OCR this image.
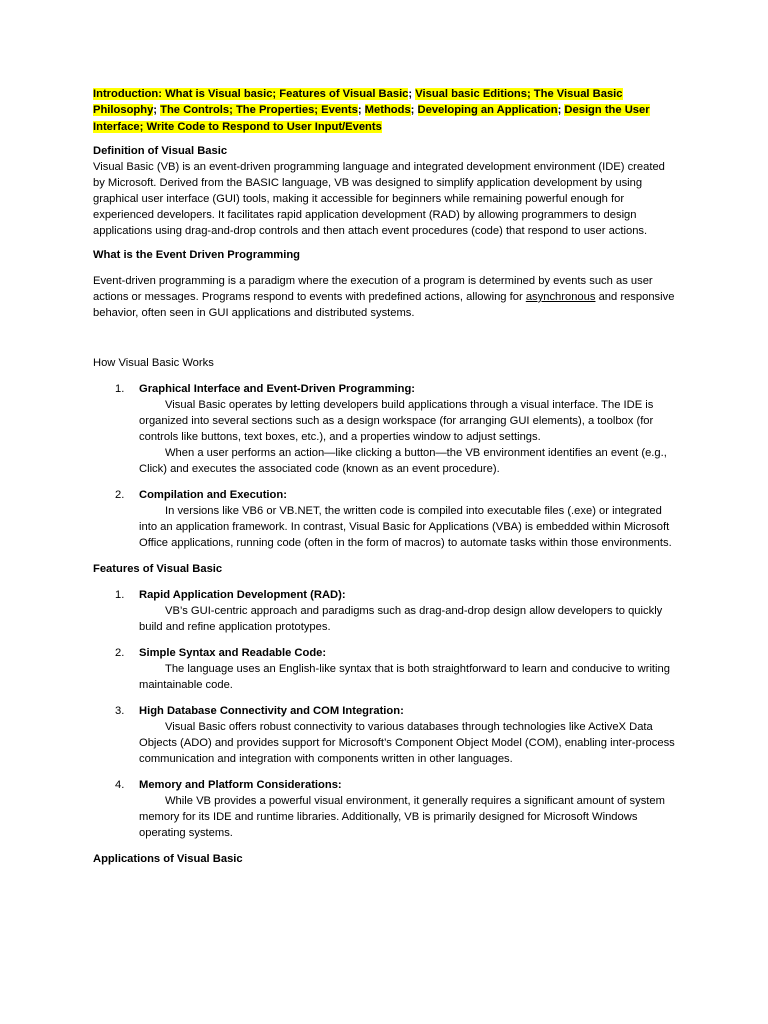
Introduction: What is Visual basic; Features of Visual Basic; Visual basic Editions; The Visual Basic Philosophy; The Controls; The Properties; Events; Methods; Developing an Application; Design the User Interface; Write Code to Respond to User Input/Events

Definition of Visual Basic

Visual Basic (VB) is an event-driven programming language and integrated development environment (IDE) created by Microsoft. Derived from the BASIC language, VB was designed to simplify application development by using graphical user interface (GUI) tools, making it accessible for beginners while remaining powerful enough for experienced developers. It facilitates rapid application development (RAD) by allowing programmers to design applications using drag-and-drop controls and then attach event procedures (code) that respond to user actions.

What is the Event Driven Programming

Event-driven programming is a paradigm where the execution of a program is determined by events such as user actions or messages. Programs respond to events with predefined actions, allowing for asynchronous and responsive behavior, often seen in GUI applications and distributed systems.

How Visual Basic Works

1. Graphical Interface and Event-Driven Programming:
Visual Basic operates by letting developers build applications through a visual interface. The IDE is organized into several sections such as a design workspace (for arranging GUI elements), a toolbox (for controls like buttons, text boxes, etc.), and a properties window to adjust settings.
When a user performs an action—like clicking a button—the VB environment identifies an event (e.g., Click) and executes the associated code (known as an event procedure).
2. Compilation and Execution:
In versions like VB6 or VB.NET, the written code is compiled into executable files (.exe) or integrated into an application framework. In contrast, Visual Basic for Applications (VBA) is embedded within Microsoft Office applications, running code (often in the form of macros) to automate tasks within those environments.

Features of Visual Basic

1. Rapid Application Development (RAD):
VB’s GUI-centric approach and paradigms such as drag-and-drop design allow developers to quickly build and refine application prototypes.
2. Simple Syntax and Readable Code:
The language uses an English-like syntax that is both straightforward to learn and conducive to writing maintainable code.
3. High Database Connectivity and COM Integration:
Visual Basic offers robust connectivity to various databases through technologies like ActiveX Data Objects (ADO) and provides support for Microsoft’s Component Object Model (COM), enabling inter-process communication and integration with components written in other languages.
4. Memory and Platform Considerations:
While VB provides a powerful visual environment, it generally requires a significant amount of system memory for its IDE and runtime libraries. Additionally, VB is primarily designed for Microsoft Windows operating systems.

Applications of Visual Basic
